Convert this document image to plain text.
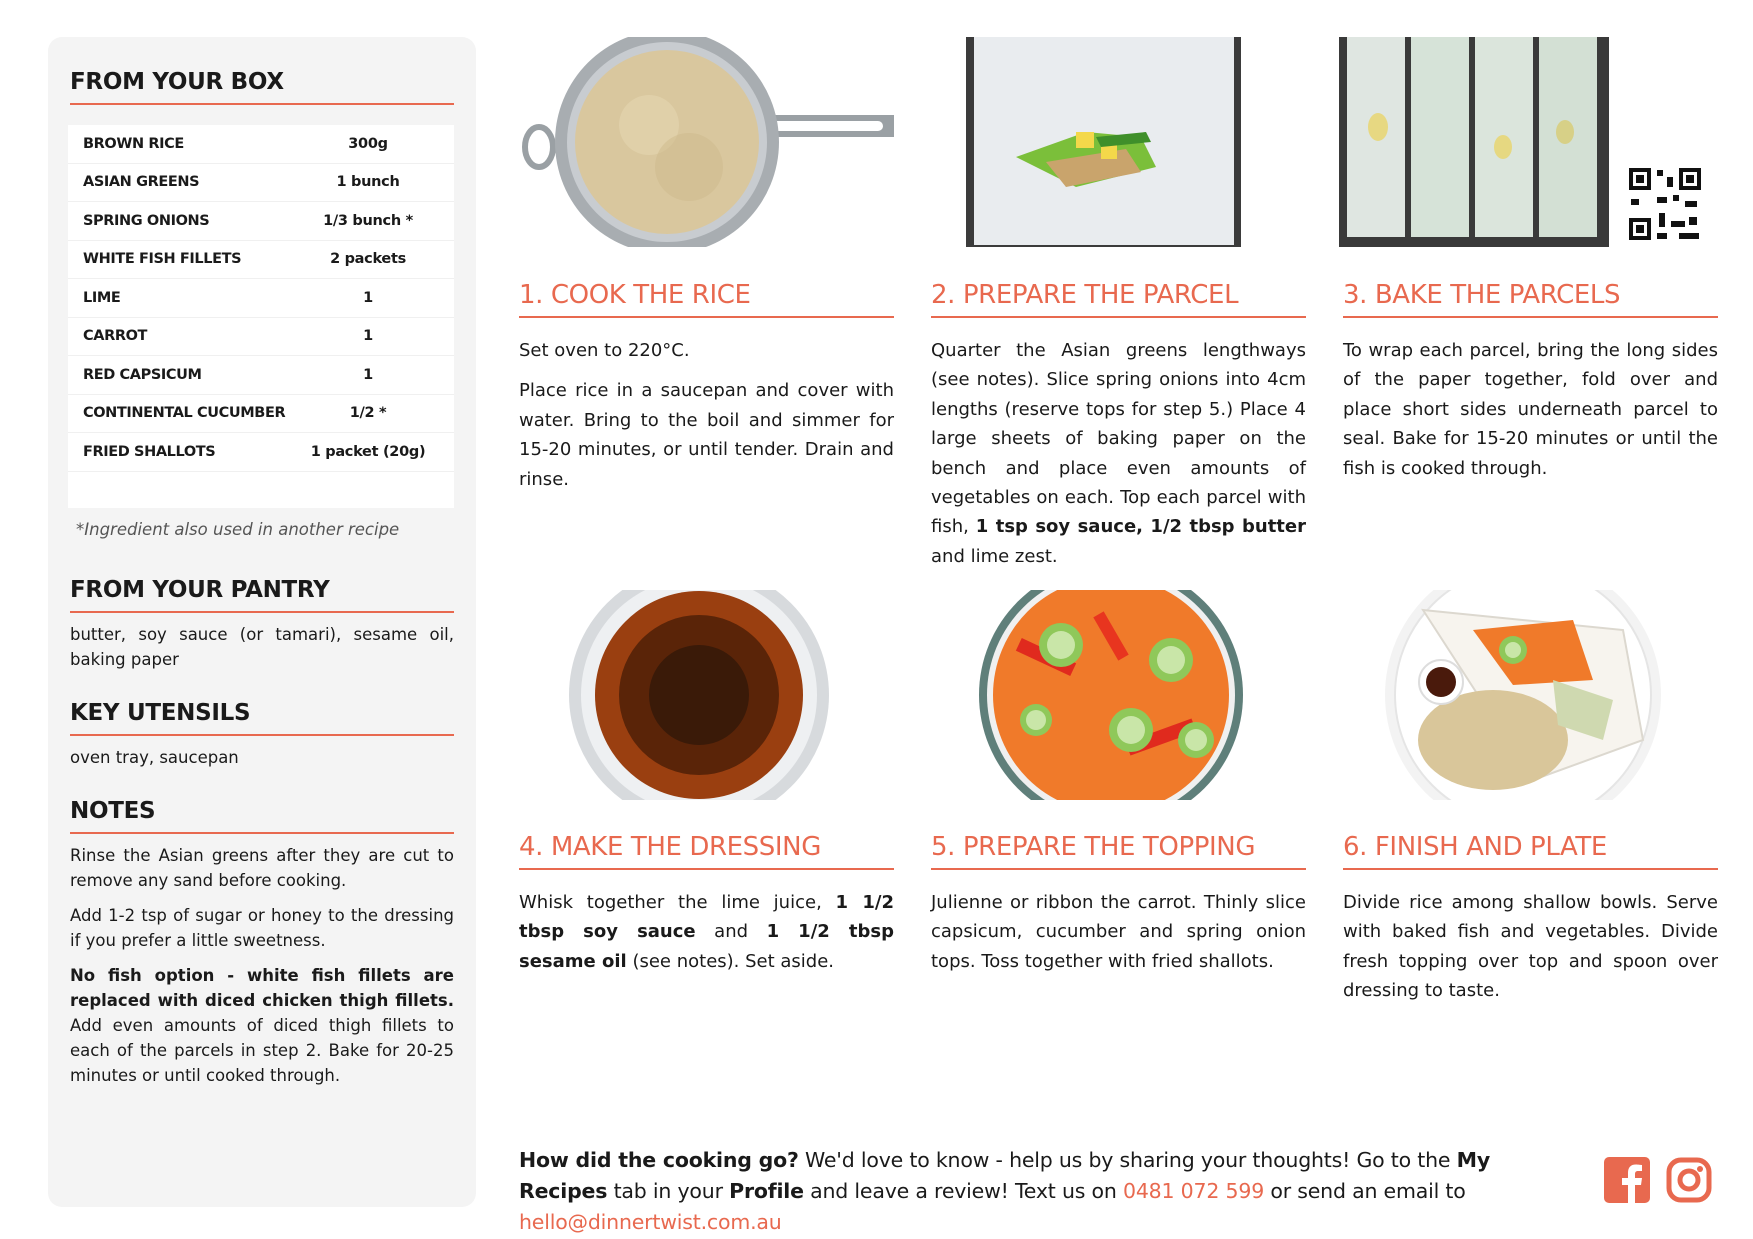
FROM YOUR BOX
BROWN RICE	300g
ASIAN GREENS	1 bunch
SPRING ONIONS	1/3 bunch *
WHITE FISH FILLETS	2 packets
LIME	1
CARROT	1
RED CAPSICUM	1
CONTINENTAL CUCUMBER	1/2 *
FRIED SHALLOTS	1 packet (20g)
*Ingredient also used in another recipe
FROM YOUR PANTRY
butter, soy sauce (or tamari), sesame oil, baking paper
KEY UTENSILS
oven tray, saucepan
NOTES

Rinse the Asian greens after they are cut to remove any sand before cooking.

Add 1-2 tsp of sugar or honey to the dressing if you prefer a little sweetness.

No fish option - white fish fillets are replaced with diced chicken thigh fillets. Add even amounts of diced thigh fillets to each of the parcels in step 2. Bake for 20-25 minutes or until cooked through.

1. COOK THE RICE	2. PREPARE THE PARCEL	3. BAKE THE PARCELS

Set oven to 220°C.

Place rice in a saucepan and cover with water. Bring to the boil and simmer for 15-20 minutes, or until tender. Drain and rinse.

Quarter the Asian greens lengthways (see notes). Slice spring onions into 4cm lengths (reserve tops for step 5.) Place 4 large sheets of baking paper on the bench and place even amounts of vegetables on each. Top each parcel with fish, 1 tsp soy sauce, 1/2 tbsp butter and lime zest.

To wrap each parcel, bring the long sides of the paper together, fold over and place short sides underneath parcel to seal. Bake for 15-20 minutes or until the fish is cooked through.

4. MAKE THE DRESSING	5. PREPARE THE TOPPING	6. FINISH AND PLATE

Whisk together the lime juice, 1 1/2 tbsp soy sauce and 1 1/2 tbsp sesame oil (see notes). Set aside.

Julienne or ribbon the carrot. Thinly slice capsicum, cucumber and spring onion tops. Toss together with fried shallots.

Divide rice among shallow bowls. Serve with baked fish and vegetables. Divide fresh topping over top and spoon over dressing to taste.

How did the cooking go? We'd love to know - help us by sharing your thoughts! Go to the My Recipes tab in your Profile and leave a review! Text us on 0481 072 599 or send an email to hello@dinnertwist.com.au
